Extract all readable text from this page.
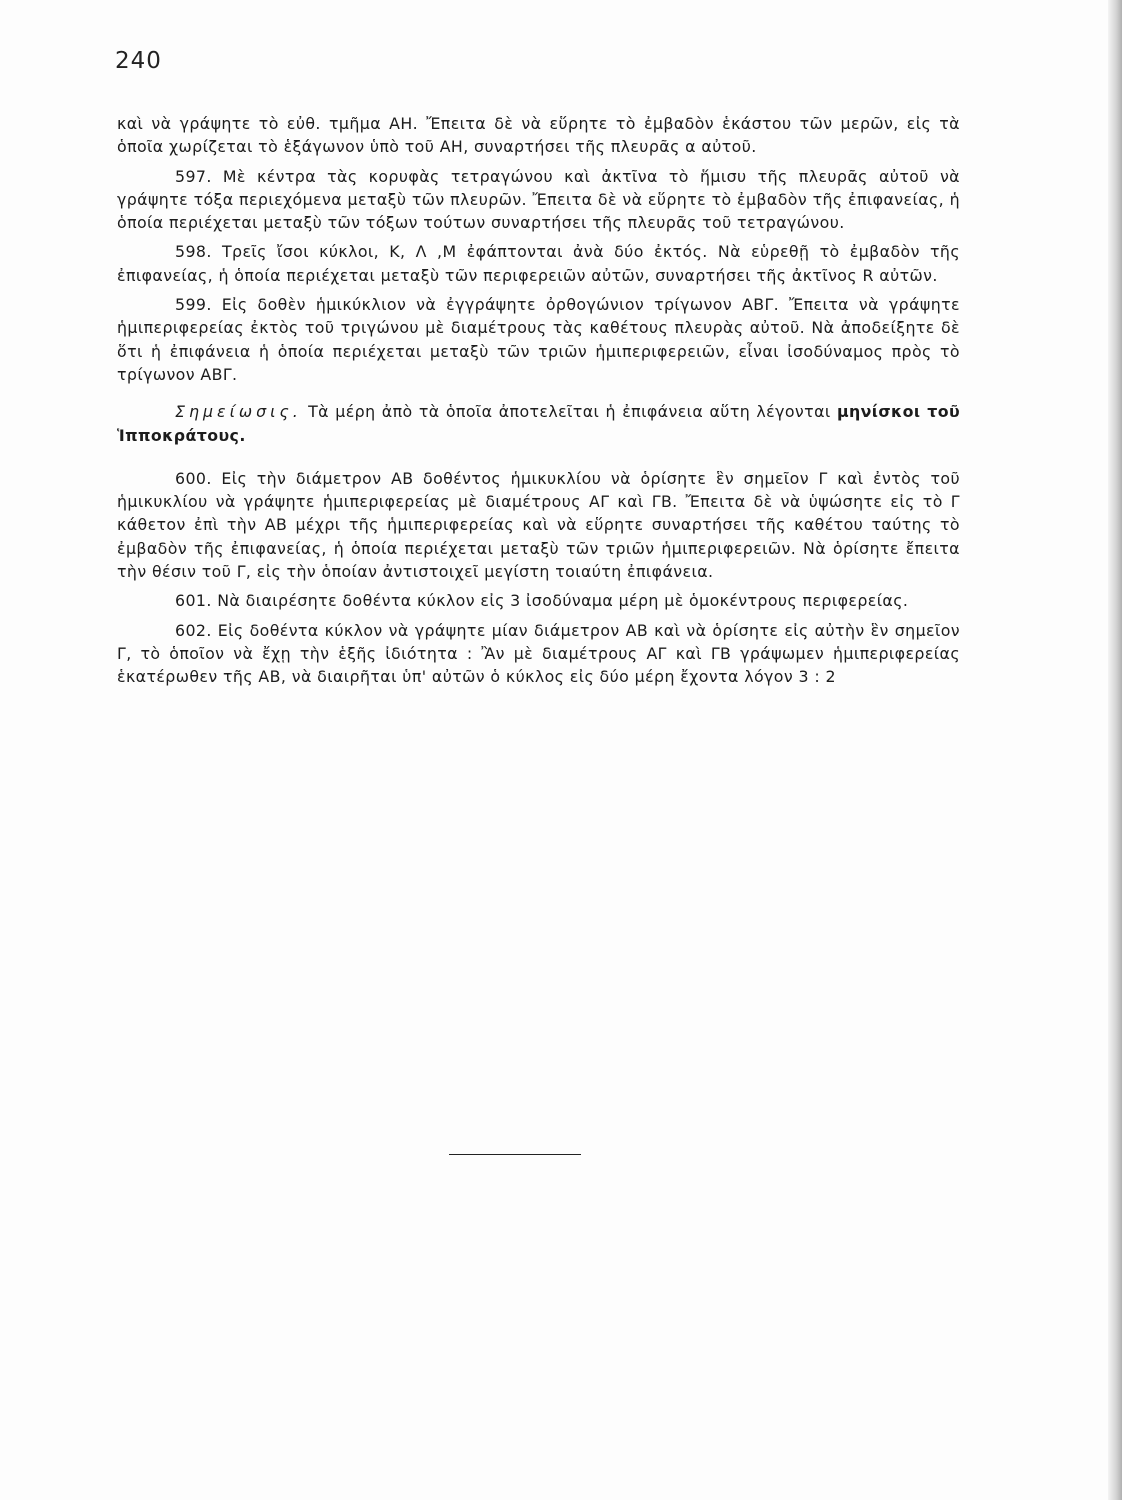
240

καὶ νὰ γράψητε τὸ εὐθ. τμῆμα ΑΗ. Ἔπειτα δὲ νὰ εὕρητε τὸ ἐμβαδὸν ἑκάστου τῶν μερῶν, εἰς τὰ ὁποῖα χωρίζεται τὸ ἑξάγωνον ὑπὸ τοῦ ΑΗ, συναρτήσει τῆς πλευρᾶς α αὐτοῦ.

597. Μὲ κέντρα τὰς κορυφὰς τετραγώνου καὶ ἀκτῖνα τὸ ἥμισυ τῆς πλευρᾶς αὐτοῦ νὰ γράψητε τόξα περιεχόμενα μεταξὺ τῶν πλευρῶν. Ἔπειτα δὲ νὰ εὕρητε τὸ ἐμβαδὸν τῆς ἐπιφανείας, ἡ ὁποία περιέχεται μεταξὺ τῶν τόξων τούτων συναρτήσει τῆς πλευρᾶς τοῦ τετραγώνου.

598. Τρεῖς ἴσοι κύκλοι, Κ, Λ ,Μ ἐφάπτονται ἀνὰ δύο ἐκτός. Νὰ εὑρεθῇ τὸ ἐμβαδὸν τῆς ἐπιφανείας, ἡ ὁποία περιέχεται μεταξὺ τῶν περιφερειῶν αὐτῶν, συναρτήσει τῆς ἀκτῖνος R αὐτῶν.

599. Εἰς δοθὲν ἡμικύκλιον νὰ ἐγγράψητε ὀρθογώνιον τρίγωνον ΑΒΓ. Ἔπειτα νὰ γράψητε ἡμιπεριφερείας ἐκτὸς τοῦ τριγώνου μὲ διαμέτρους τὰς καθέτους πλευρὰς αὐτοῦ. Νὰ ἀποδείξητε δὲ ὅτι ἡ ἐπιφάνεια ἡ ὁποία περιέχεται μεταξὺ τῶν τριῶν ἡμιπεριφερειῶν, εἶναι ἰσοδύναμος πρὸς τὸ τρίγωνον ΑΒΓ.

Σημείωσις. Τὰ μέρη ἀπὸ τὰ ὁποῖα ἀποτελεῖται ἡ ἐπιφάνεια αὕτη λέγονται μηνίσκοι τοῦ Ἱπποκράτους.

600. Εἰς τὴν διάμετρον ΑΒ δοθέντος ἡμικυκλίου νὰ ὁρίσητε ἓν σημεῖον Γ καὶ ἐντὸς τοῦ ἡμικυκλίου νὰ γράψητε ἡμιπεριφερείας μὲ διαμέτρους ΑΓ καὶ ΓΒ. Ἔπειτα δὲ νὰ ὑψώσητε εἰς τὸ Γ κάθετον ἐπὶ τὴν ΑΒ μέχρι τῆς ἡμιπεριφερείας καὶ νὰ εὕρητε συναρτήσει τῆς καθέτου ταύτης τὸ ἐμβαδὸν τῆς ἐπιφανείας, ἡ ὁποία περιέχεται μεταξὺ τῶν τριῶν ἡμιπεριφερειῶν. Νὰ ὁρίσητε ἔπειτα τὴν θέσιν τοῦ Γ, εἰς τὴν ὁποίαν ἀντιστοιχεῖ μεγίστη τοιαύτη ἐπιφάνεια.

601. Νὰ διαιρέσητε δοθέντα κύκλον εἰς 3 ἰσοδύναμα μέρη μὲ ὁμοκέντρους περιφερείας.

602. Εἰς δοθέντα κύκλον νὰ γράψητε μίαν διάμετρον ΑΒ καὶ νὰ ὁρίσητε εἰς αὐτὴν ἓν σημεῖον Γ, τὸ ὁποῖον νὰ ἔχῃ τὴν ἑξῆς ἰδιότητα : Ἂν μὲ διαμέτρους ΑΓ καὶ ΓΒ γράψωμεν ἡμιπεριφερείας ἑκατέρωθεν τῆς ΑΒ, νὰ διαιρῆται ὑπ' αὐτῶν ὁ κύκλος εἰς δύο μέρη ἔχοντα λόγον 3 : 2
